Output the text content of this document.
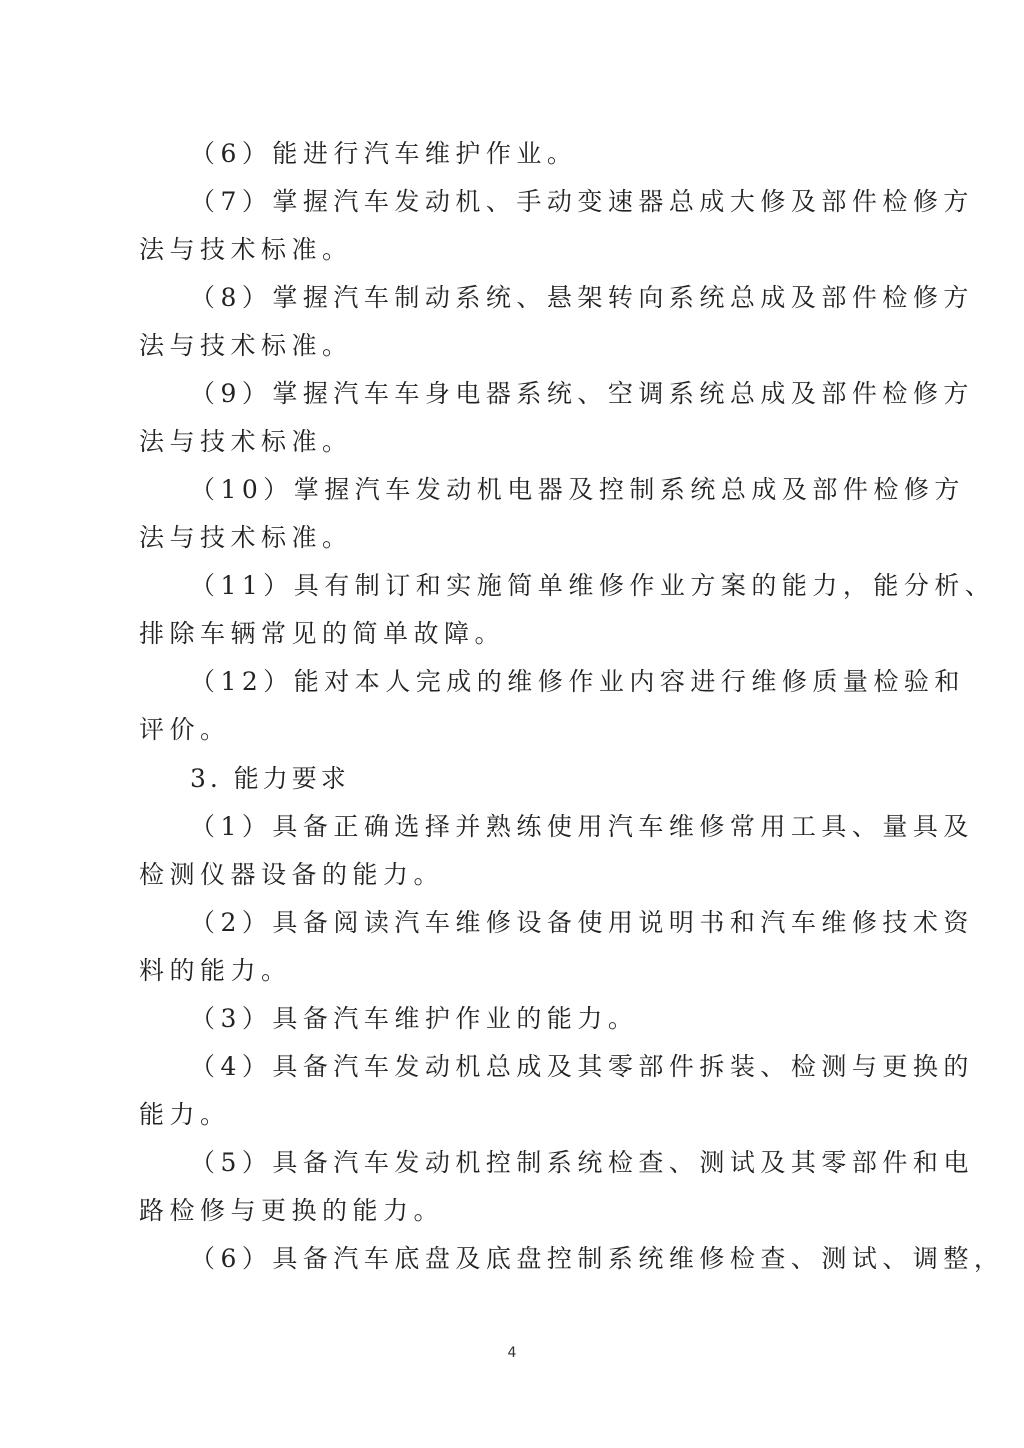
（6）能进行汽车维护作业。

（7）掌握汽车发动机、手动变速器总成大修及部件检修方

法与技术标准。

（8）掌握汽车制动系统、悬架转向系统总成及部件检修方

法与技术标准。

（9）掌握汽车车身电器系统、空调系统总成及部件检修方

法与技术标准。

（10）掌握汽车发动机电器及控制系统总成及部件检修方

法与技术标准。

（11）具有制订和实施简单维修作业方案的能力，能分析、

排除车辆常见的简单故障。

（12）能对本人完成的维修作业内容进行维修质量检验和

评价。

3. 能力要求

（1）具备正确选择并熟练使用汽车维修常用工具、量具及

检测仪器设备的能力。

（2）具备阅读汽车维修设备使用说明书和汽车维修技术资

料的能力。

（3）具备汽车维护作业的能力。

（4）具备汽车发动机总成及其零部件拆装、检测与更换的

能力。

（5）具备汽车发动机控制系统检查、测试及其零部件和电

路检修与更换的能力。

（6）具备汽车底盘及底盘控制系统维修检查、测试、调整，

4
